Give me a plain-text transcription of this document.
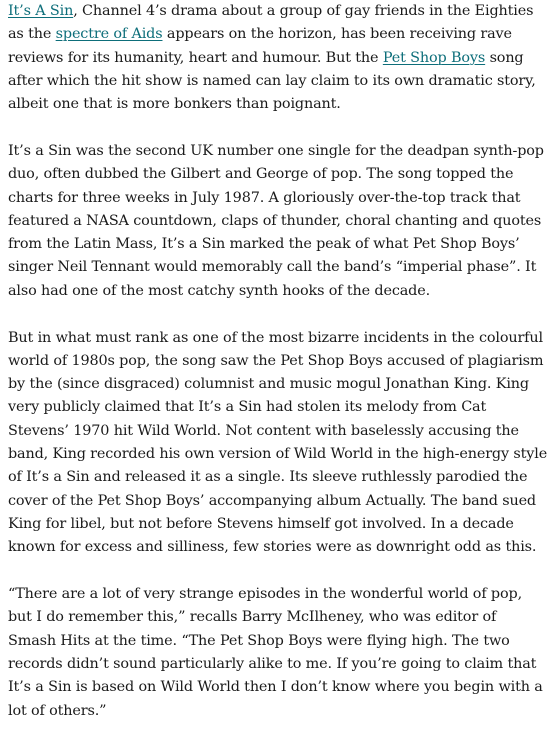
It’s A Sin, Channel 4’s drama about a group of gay friends in the Eighties as the spectre of Aids appears on the horizon, has been receiving rave reviews for its humanity, heart and humour. But the Pet Shop Boys song after which the hit show is named can lay claim to its own dramatic story, albeit one that is more bonkers than poignant.

It’s a Sin was the second UK number one single for the deadpan synth-pop duo, often dubbed the Gilbert and George of pop. The song topped the charts for three weeks in July 1987. A gloriously over-the-top track that featured a NASA countdown, claps of thunder, choral chanting and quotes from the Latin Mass, It’s a Sin marked the peak of what Pet Shop Boys’ singer Neil Tennant would memorably call the band’s “imperial phase”. It also had one of the most catchy synth hooks of the decade.

But in what must rank as one of the most bizarre incidents in the colourful world of 1980s pop, the song saw the Pet Shop Boys accused of plagiarism by the (since disgraced) columnist and music mogul Jonathan King. King very publicly claimed that It’s a Sin had stolen its melody from Cat Stevens’ 1970 hit Wild World. Not content with baselessly accusing the band, King recorded his own version of Wild World in the high-energy style of It’s a Sin and released it as a single. Its sleeve ruthlessly parodied the cover of the Pet Shop Boys’ accompanying album Actually. The band sued King for libel, but not before Stevens himself got involved. In a decade known for excess and silliness, few stories were as downright odd as this.

“There are a lot of very strange episodes in the wonderful world of pop, but I do remember this,” recalls Barry McIlheney, who was editor of Smash Hits at the time. “The Pet Shop Boys were flying high. The two records didn’t sound particularly alike to me. If you’re going to claim that It’s a Sin is based on Wild World then I don’t know where you begin with a lot of others.”
